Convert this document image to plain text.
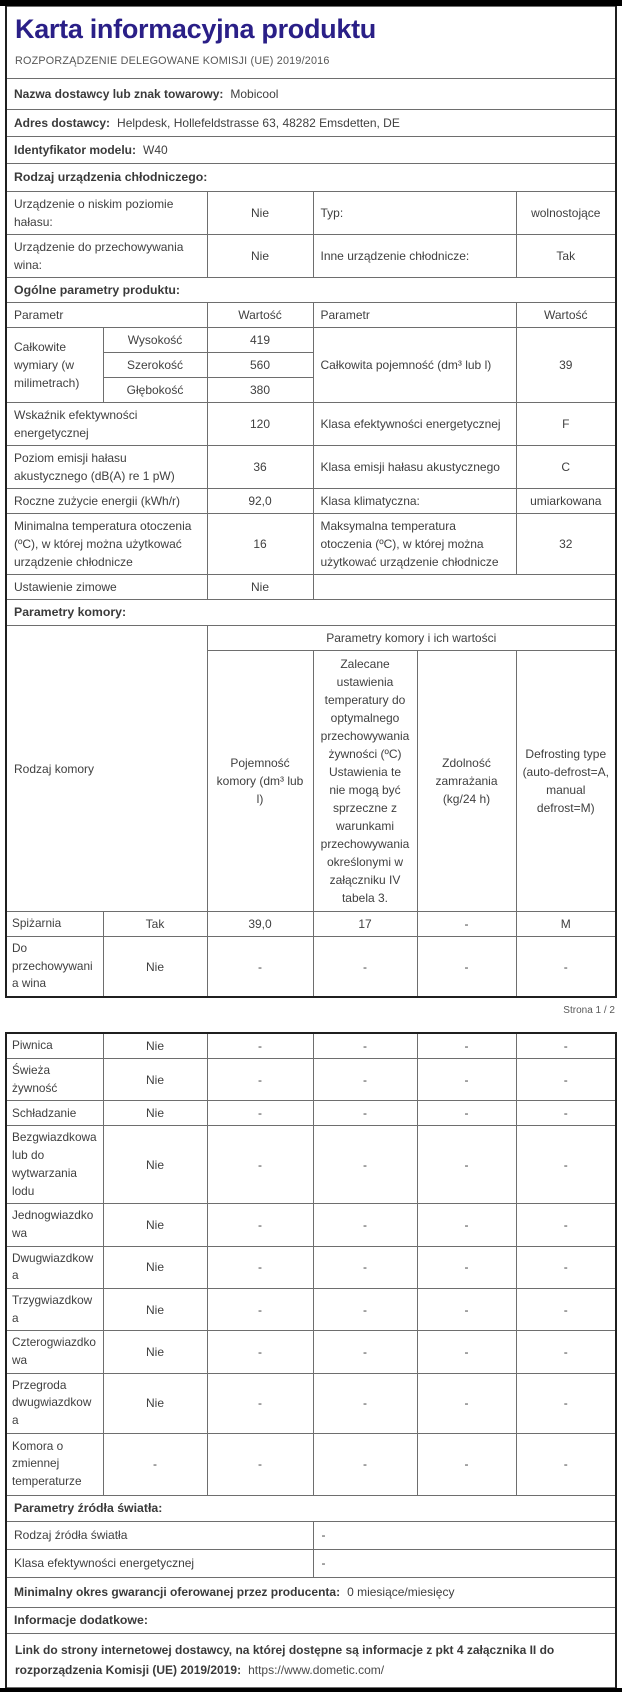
Karta informacyjna produktu
ROZPORZĄDZENIE DELEGOWANE KOMISJI (UE) 2019/2016

Nazwa dostawcy lub znak towarowy: Mobicool					
Adres dostawcy: Helpdesk, Hollefeldstrasse 63, 48282 Emsdetten, DE					
Identyfikator modelu: W40					
Rodzaj urządzenia chłodniczego:					
Urządzenie o niskim poziomie hałasu:		Nie	Typ:		wolnostojące
Urządzenie do przechowywania wina:		Nie	Inne urządzenie chłodnicze:		Tak
Ogólne parametry produktu:					
Parametr		Wartość	Parametr		Wartość
Całkowite wymiary (w milimetrach)	Wysokość	419	Całkowita pojemność (dm³ lub l)		39
	Szerokość	560			
	Głębokość	380			
Wskaźnik efektywności energetycznej		120	Klasa efektywności energetycznej		F
Poziom emisji hałasu akustycznego (dB(A) re 1 pW)		36	Klasa emisji hałasu akustycznego		C
Roczne zużycie energii (kWh/r)		92,0	Klasa klimatyczna:		umiarkowana
Minimalna temperatura otoczenia (ºC), w której można użytkować urządzenie chłodnicze		16	Maksymalna temperatura otoczenia (ºC), w której można użytkować urządzenie chłodnicze		32
Ustawienie zimowe		Nie			
Parametry komory:					
Rodzaj komory		Parametry komory i ich wartości			
		Pojemność komory (dm³ lub l)	Zalecane ustawienia temperatury do optymalnego przechowywania żywności (ºC) Ustawienia te nie mogą być sprzeczne z warunkami przechowywania określonymi w załączniku IV tabela 3.	Zdolność zamrażania (kg/24 h)	Defrosting type (auto-defrost=A, manual defrost=M)
Spiżarnia	Tak	39,0	17	-	M
Do przechowywania wina	Nie	-	-	-	-
Strona 1 / 2
Piwnica	Nie	-	-	-	-
Świeża żywność	Nie	-	-	-	-
Schładzanie	Nie	-	-	-	-
Bezgwiazdkowa lub do wytwarzania lodu	Nie	-	-	-	-
Jednogwiazdkowa	Nie	-	-	-	-
Dwugwiazdkowa	Nie	-	-	-	-
Trzygwiazdkowa	Nie	-	-	-	-
Czterogwiazdkowa	Nie	-	-	-	-
Przegroda dwugwiazdkowa	Nie	-	-	-	-
Komora o zmiennej temperaturze	-	-	-	-	-
Parametry źródła światła:					
Rodzaj źródła światła			-		
Klasa efektywności energetycznej			-		
Minimalny okres gwarancji oferowanej przez producenta: 0 miesiące/miesięcy					
Informacje dodatkowe:					
Link do strony internetowej dostawcy, na której dostępne są informacje z pkt 4 załącznika II do rozporządzenia Komisji (UE) 2019/2019: https://www.dometic.com/					
